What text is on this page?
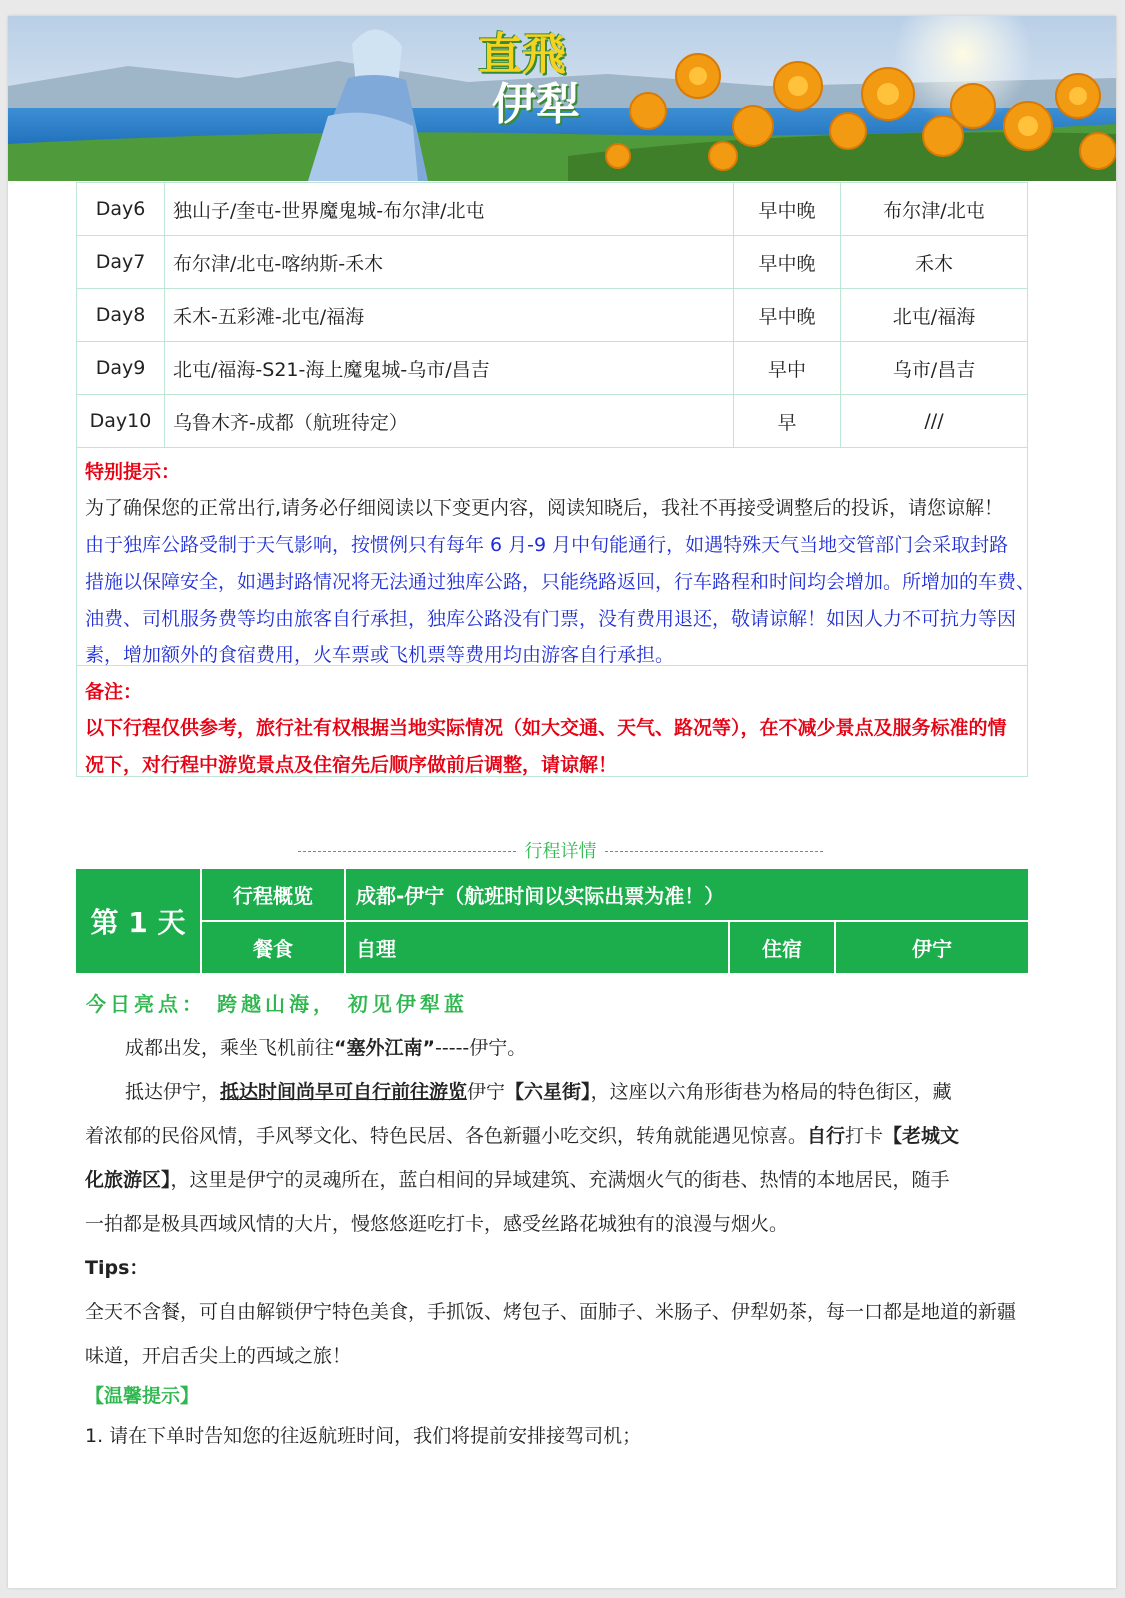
直飛
伊犁
Day6	独山子/奎屯-世界魔鬼城-布尔津/北屯	早中晚	布尔津/北屯
Day7	布尔津/北屯-喀纳斯-禾木	早中晚	禾木
Day8	禾木-五彩滩-北屯/福海	早中晚	北屯/福海
Day9	北屯/福海-S21-海上魔鬼城-乌市/昌吉	早中	乌市/昌吉
Day10	乌鲁木齐-成都（航班待定）	早	///
特别提示：
为了确保您的正常出行,请务必仔细阅读以下变更内容，阅读知晓后，我社不再接受调整后的投诉，请您谅解！
由于独库公路受制于天气影响，按惯例只有每年 6 月-9 月中旬能通行，如遇特殊天气当地交管部门会采取封路
措施以保障安全，如遇封路情况将无法通过独库公路，只能绕路返回，行车路程和时间均会增加。所增加的车费、
油费、司机服务费等均由旅客自行承担，独库公路没有门票，没有费用退还，敬请谅解！如因人力不可抗力等因
素，增加额外的食宿费用，火车票或飞机票等费用均由游客自行承担。
备注：
以下行程仅供参考，旅行社有权根据当地实际情况（如大交通、天气、路况等），在不减少景点及服务标准的情
况下，对行程中游览景点及住宿先后顺序做前后调整，请谅解！
行程详情
第 1 天
行程概览	成都-伊宁（航班时间以实际出票为准！）
餐食	自理	住宿	伊宁
今日亮点： 跨越山海， 初见伊犁蓝
成都出发，乘坐飞机前往“塞外江南”-----伊宁。
抵达伊宁，抵达时间尚早可自行前往游览伊宁【六星街】，这座以六角形街巷为格局的特色街区，藏
着浓郁的民俗风情，手风琴文化、特色民居、各色新疆小吃交织，转角就能遇见惊喜。自行打卡【老城文
化旅游区】，这里是伊宁的灵魂所在，蓝白相间的异域建筑、充满烟火气的街巷、热情的本地居民，随手
一拍都是极具西域风情的大片，慢悠悠逛吃打卡，感受丝路花城独有的浪漫与烟火。
Tips：
全天不含餐，可自由解锁伊宁特色美食，手抓饭、烤包子、面肺子、米肠子、伊犁奶茶，每一口都是地道的新疆
味道，开启舌尖上的西域之旅！
【温馨提示】
1. 请在下单时告知您的往返航班时间，我们将提前安排接驾司机；
